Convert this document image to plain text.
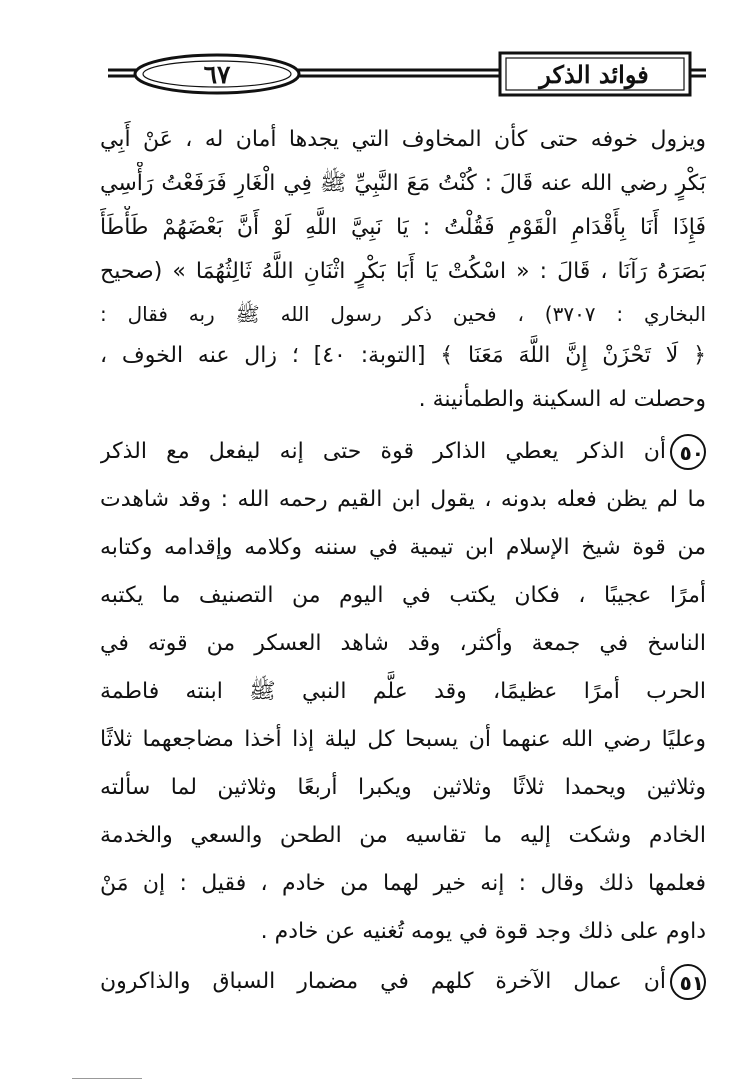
٦٧	فوائد الذكر
ويزول خوفه حتى كأن المخاوف التي يجدها أمان له ، عَنْ أَبِي
بَكْرٍ رضي الله عنه قَالَ : كُنْتُ مَعَ النَّبِيِّ ﷺ فِي الْغَارِ فَرَفَعْتُ رَأْسِي
فَإِذَا أَنَا بِأَقْدَامِ الْقَوْمِ فَقُلْتُ : يَا نَبِيَّ اللَّهِ لَوْ أَنَّ بَعْضَهُمْ طَأْطَأَ
بَصَرَهُ رَآنَا ، قَالَ : « اسْكُتْ يَا أَبَا بَكْرٍ اثْنَانِ اللَّهُ ثَالِثُهُمَا » (صحيح
البخاري : ٣٧٠٧) ، فحين ذكر رسول الله ﷺ ربه فقال :
﴿ لَا تَحْزَنْ إِنَّ اللَّهَ مَعَنَا ﴾ [التوبة: ٤٠] ؛ زال عنه الخوف ،
وحصلت له السكينة والطمأنينة .
٥٠أن الذكر يعطي الذاكر قوة حتى إنه ليفعل مع الذكر
ما لم يظن فعله بدونه ، يقول ابن القيم رحمه الله : وقد شاهدت
من قوة شيخ الإسلام ابن تيمية في سننه وكلامه وإقدامه وكتابه
أمرًا عجيبًا ، فكان يكتب في اليوم من التصنيف ما يكتبه
الناسخ في جمعة وأكثر، وقد شاهد العسكر من قوته في
الحرب أمرًا عظيمًا، وقد علَّم النبي ﷺ ابنته فاطمة
وعليًا رضي الله عنهما أن يسبحا كل ليلة إذا أخذا مضاجعهما ثلاثًا
وثلاثين ويحمدا ثلاثًا وثلاثين ويكبرا أربعًا وثلاثين لما سألته
الخادم وشكت إليه ما تقاسيه من الطحن والسعي والخدمة
فعلمها ذلك وقال : إنه خير لهما من خادم ، فقيل : إن مَنْ
داوم على ذلك وجد قوة في يومه تُغنيه عن خادم .
٥١أن عمال الآخرة كلهم في مضمار السباق والذاكرون
